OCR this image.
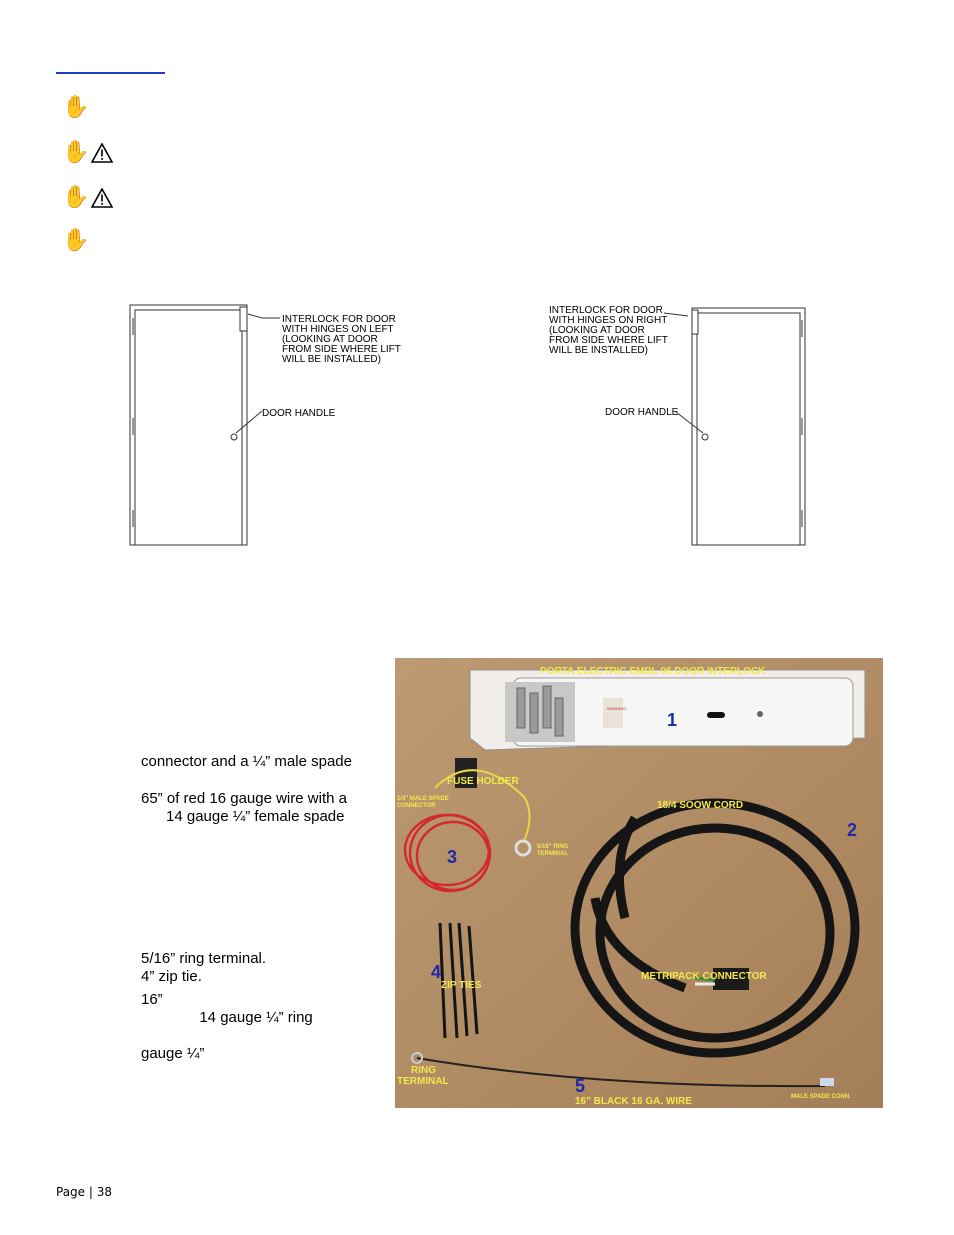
✋
✋
✋
✋
INTERLOCK FOR DOOR
WITH HINGES ON LEFT
(LOOKING AT DOOR
FROM SIDE WHERE LIFT
WILL BE INSTALLED)
DOOR HANDLE
INTERLOCK FOR DOOR
WITH HINGES ON RIGHT
(LOOKING AT DOOR
FROM SIDE WHERE LIFT
WILL BE INSTALLED)
DOOR HANDLE
connector and a ¼” male spade
65” of red 16 gauge wire with a
14 gauge ¼” female spade
5/16” ring terminal.
4” zip tie.
16”
14 gauge ¼” ring
gauge ¼”
PORTA ELECTRIC EMDL 06 DOOR INTERLOCK
1
WARNING
FUSE HOLDER
1/4" MALE SPADE CONNECTOR
5/16" RING TERMINAL
3
18/4 SOOW CORD
2
4
ZIP TIES
METRIPACK CONNECTOR
RING TERMINAL	5
16" BLACK 16 GA. WIRE	MALE SPADE CONN.
Page | 38
